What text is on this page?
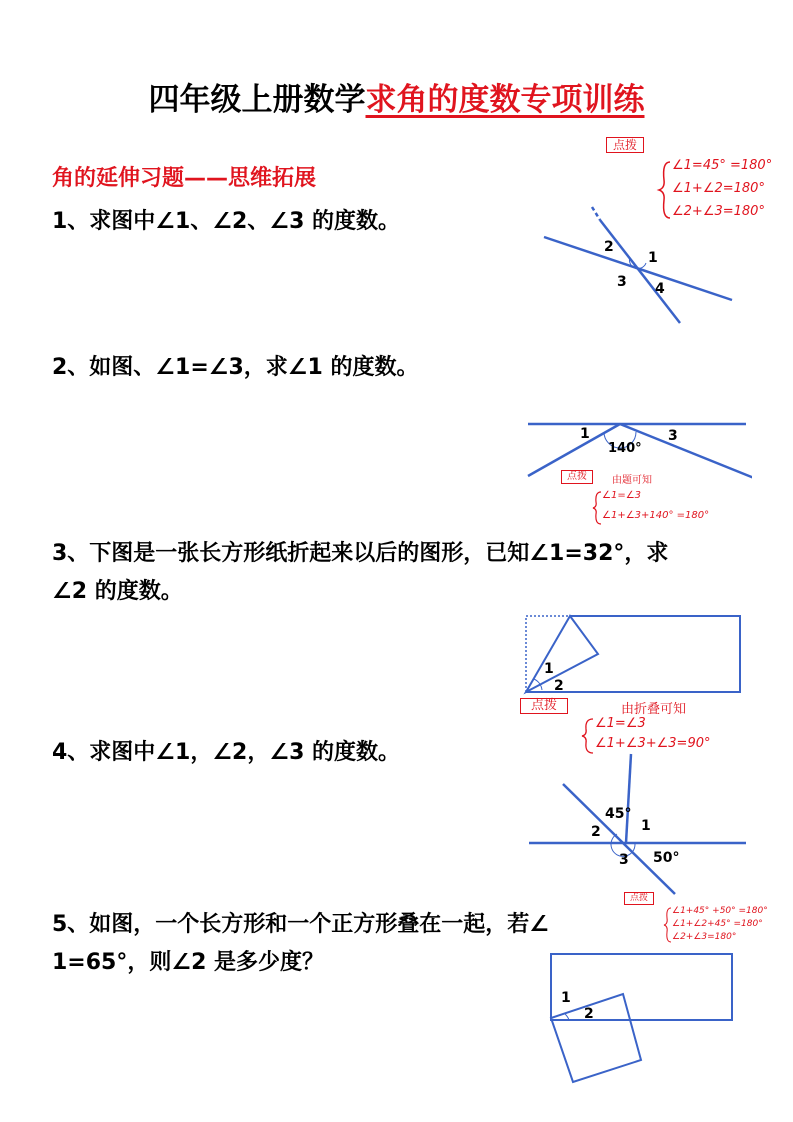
四年级上册数学求角的度数专项训练
角的延伸习题——思维拓展
点拨
∠1=45° =180°
∠1+∠2=180°
∠2+∠3=180°
1、求图中∠1、∠2、∠3 的度数。
2
1
3 4
2、如图、∠1=∠3，求∠1 的度数。
1
140°
3
点拨	由题可知
∠1=∠3
∠1+∠3+140° =180°
3、下图是一张长方形纸折起来以后的图形，已知∠1=32°，求
∠2 的度数。
1
2
点拨	由折叠可知
∠1=∠3
∠1+∠3+∠3=90°
4、求图中∠1，∠2，∠3 的度数。
45°
2	1
3 50°
点拨
∠1+45° +50° =180°
∠1+∠2+45° =180°
∠2+∠3=180°
5、如图，一个长方形和一个正方形叠在一起，若∠
1=65°，则∠2 是多少度？
1
2
